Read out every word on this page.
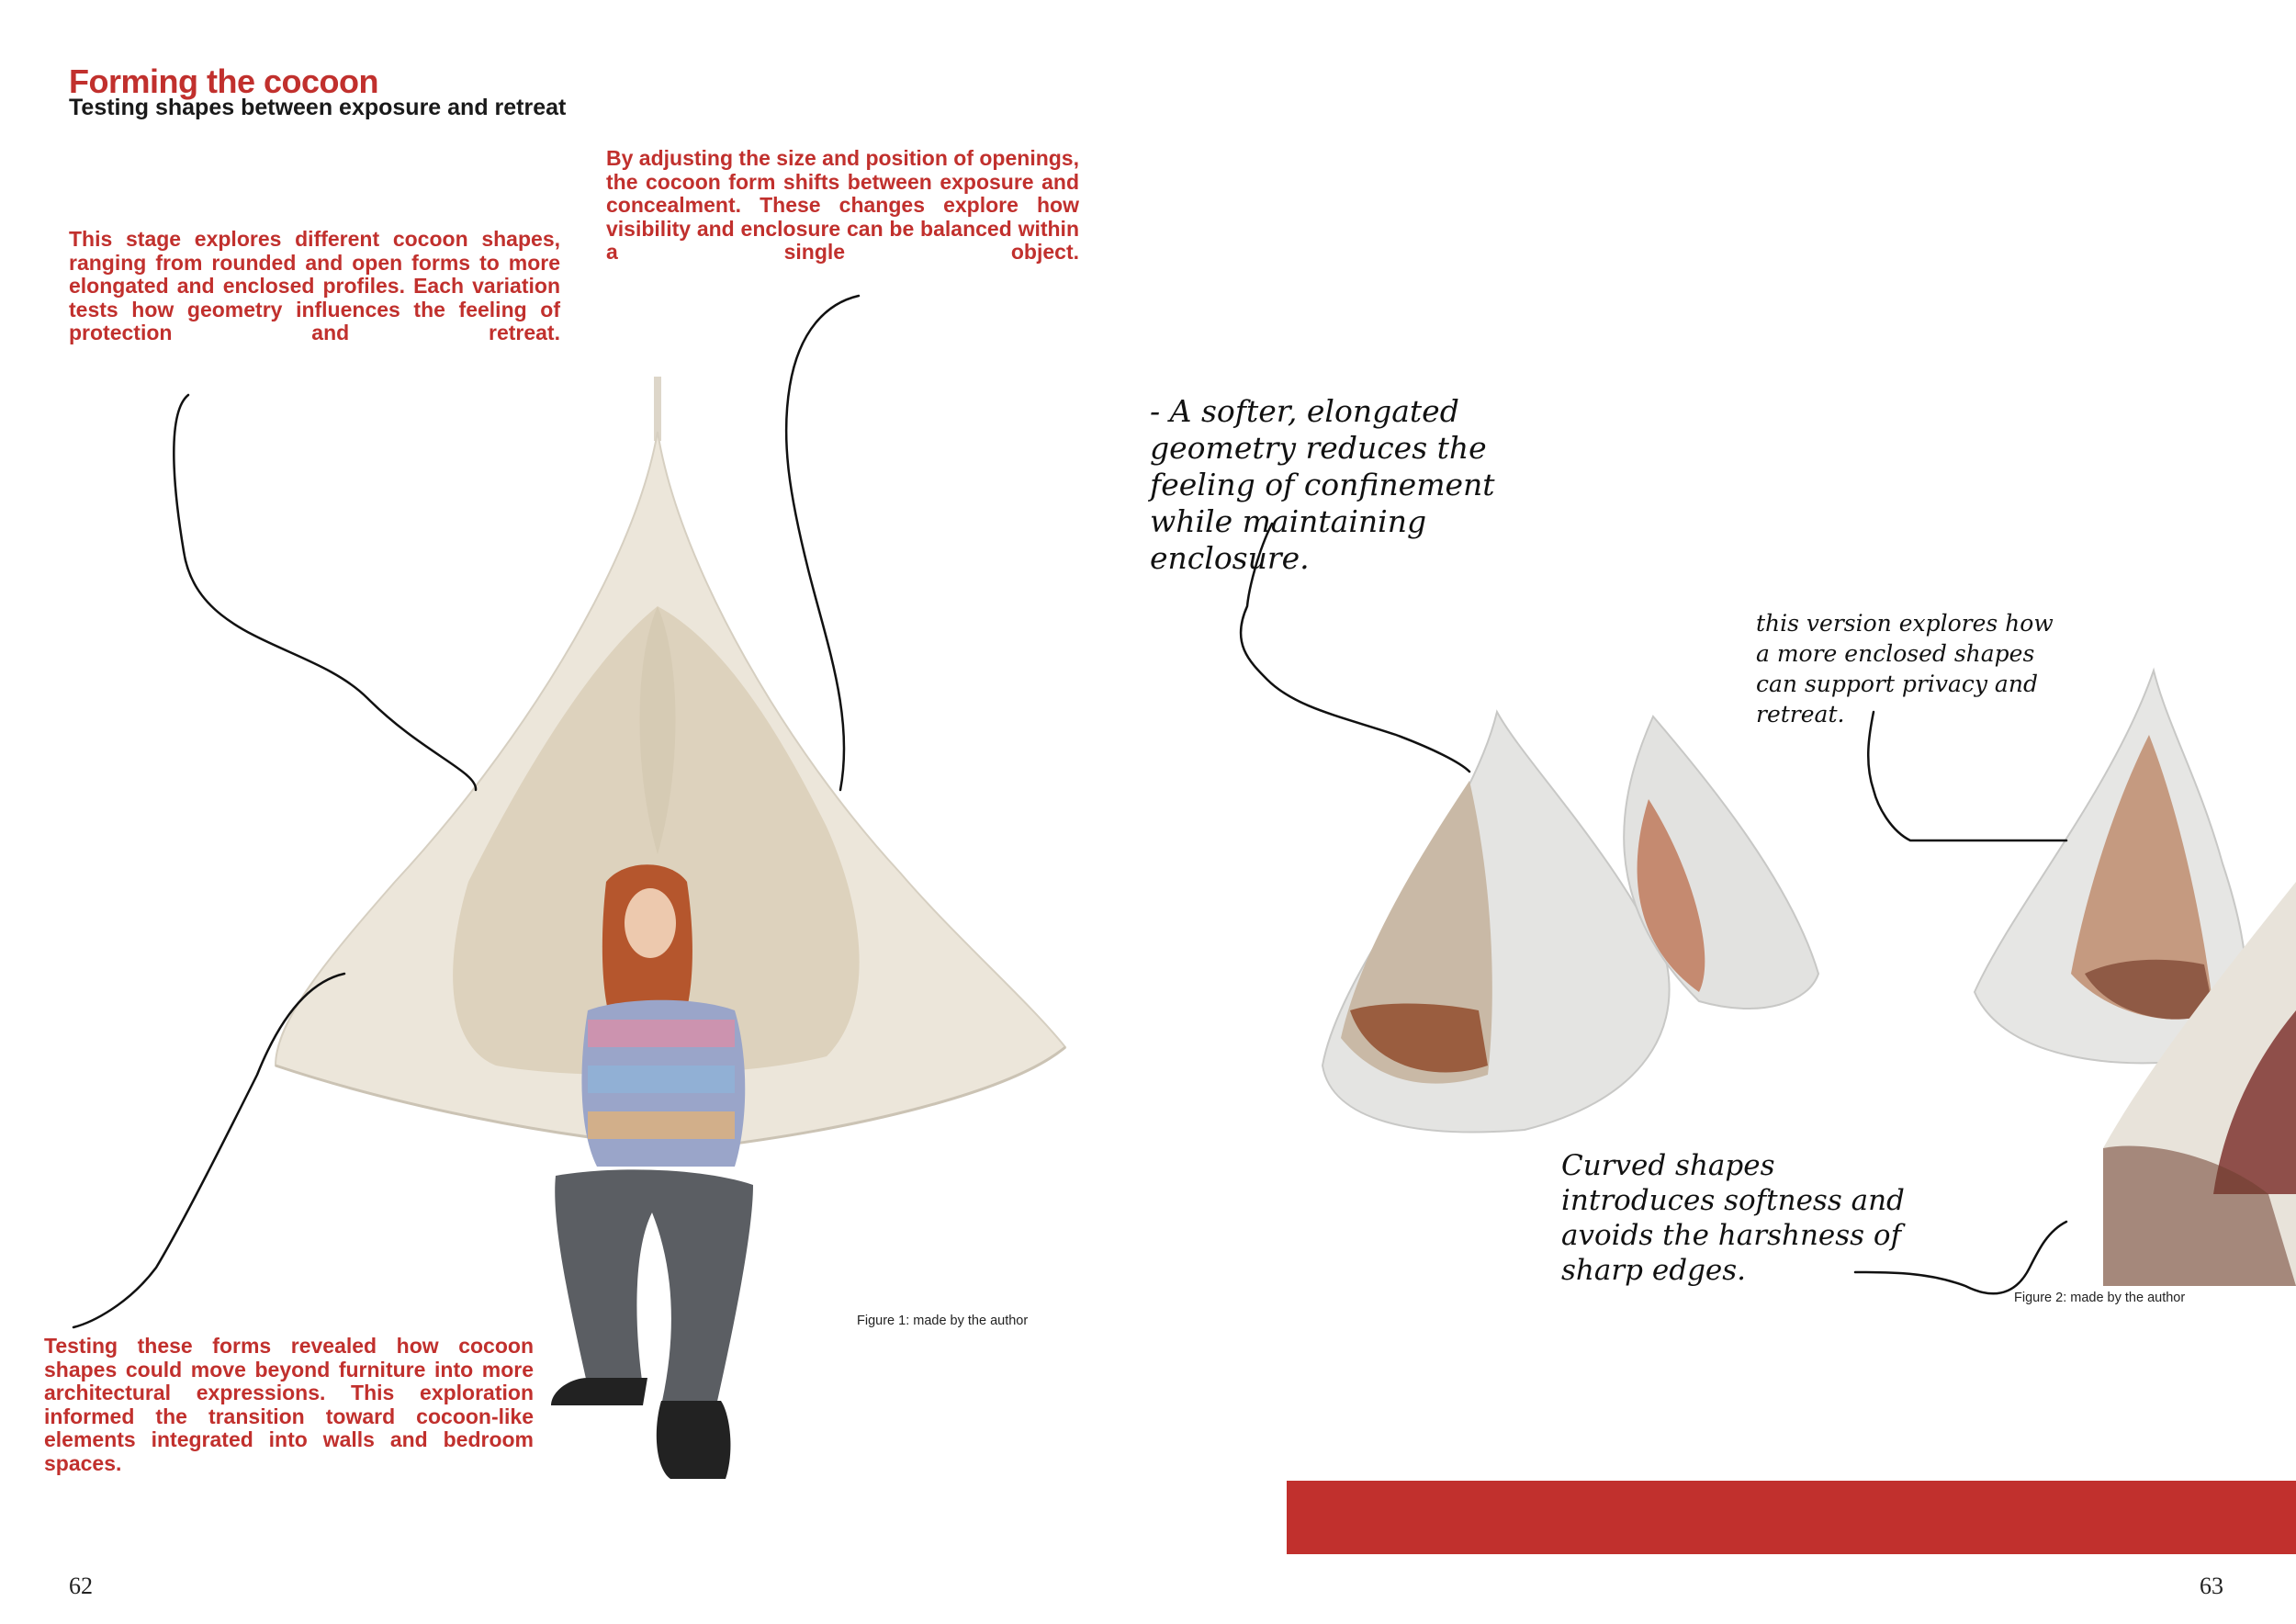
Forming the cocoon
Testing shapes between exposure and retreat

This stage explores different cocoon shapes, ranging from rounded and open forms to more elongated and enclosed profiles. Each variation tests how geometry influences the feeling of protection and retreat.

By adjusting the size and position of openings, the cocoon form shifts between exposure and concealment. These changes explore how visibility and enclosure can be balanced within a single object.

Testing these forms revealed how cocoon shapes could move beyond furniture into more architectural expressions. This exploration informed the transition toward cocoon-like elements integrated into walls and bedroom spaces.

- A softer, elongated
geometry reduces the
feeling of confinement
while maintaining
enclosure.

this version explores how
a more enclosed shapes
can support privacy and
retreat.

Curved shapes
introduces softness and
avoids the harshness of
sharp edges.

Figure 1: made by the author
Figure 2: made by the author
62	63
